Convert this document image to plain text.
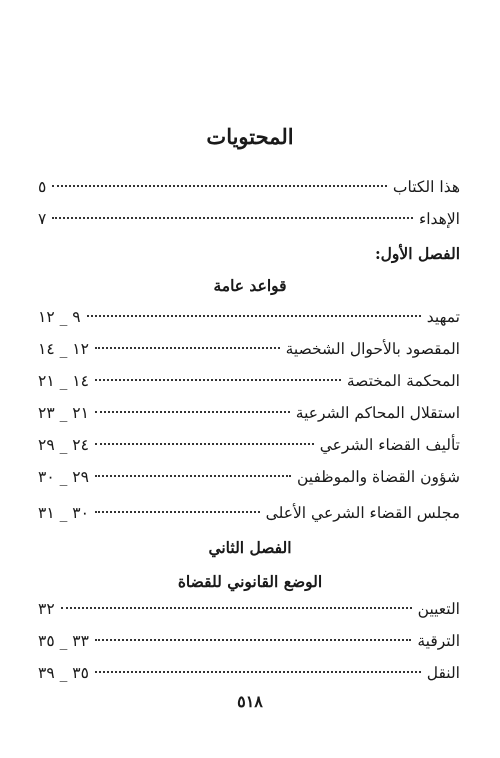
المحتويات
هذا الكتاب
٥
الإهداء
٧
الفصل الأول:
قواعد عامة
تمهيد
٩ _ ١٢
المقصود بالأحوال الشخصية
١٢ _ ١٤
المحكمة المختصة
١٤ _ ٢١
استقلال المحاكم الشرعية
٢١ _ ٢٣
تأليف القضاء الشرعي
٢٤ _ ٢٩
شؤون القضاة والموظفين
٢٩ _ ٣٠
مجلس القضاء الشرعي الأعلى
٣٠ _ ٣١
الفصل الثاني
الوضع القانوني للقضاة
التعيين
٣٢
الترقية
٣٣ _ ٣٥
النقل
٣٥ _ ٣٩
٥١٨
